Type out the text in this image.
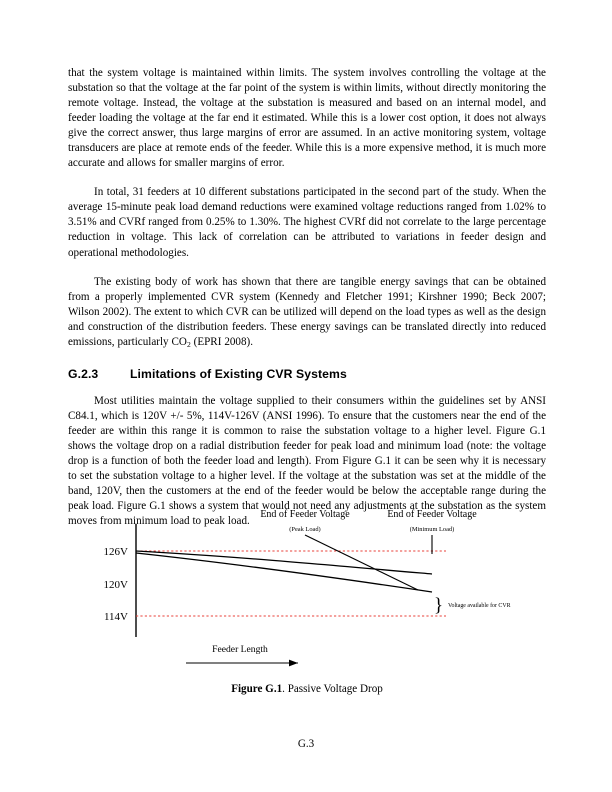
that the system voltage is maintained within limits. The system involves controlling the voltage at the substation so that the voltage at the far point of the system is within limits, without directly monitoring the remote voltage. Instead, the voltage at the substation is measured and based on an internal model, and feeder loading the voltage at the far end it estimated. While this is a lower cost option, it does not always give the correct answer, thus large margins of error are assumed. In an active monitoring system, voltage transducers are place at remote ends of the feeder. While this is a more expensive method, it is much more accurate and allows for smaller margins of error.

In total, 31 feeders at 10 different substations participated in the second part of the study. When the average 15-minute peak load demand reductions were examined voltage reductions ranged from 1.02% to 3.51% and CVRf ranged from 0.25% to 1.30%. The highest CVRf did not correlate to the large percentage reduction in voltage. This lack of correlation can be attributed to variations in feeder design and operational methodologies.

The existing body of work has shown that there are tangible energy savings that can be obtained from a properly implemented CVR system (Kennedy and Fletcher 1991; Kirshner 1990; Beck 2007; Wilson 2002). The extent to which CVR can be utilized will depend on the load types as well as the design and construction of the distribution feeders. These energy savings can be translated directly into reduced emissions, particularly $CO_2$ (EPRI 2008).

G.2.3	Limitations of Existing CVR Systems

Most utilities maintain the voltage supplied to their consumers within the guidelines set by ANSI C84.1, which is 120V +/- 5%, 114V-126V (ANSI 1996). To ensure that the customers near the end of the feeder are within this range it is common to raise the substation voltage to a higher level. Figure G.1 shows the voltage drop on a radial distribution feeder for peak load and minimum load (note: the voltage drop is a function of both the feeder load and length). From Figure G.1 it can be seen why it is necessary to set the substation voltage to a higher level. If the voltage at the substation was set at the middle of the band, 120V, then the customers at the end of the feeder would be below the acceptable range during the peak load. Figure G.1 shows a system that would not need any adjustments at the substation as the system moves from minimum load to peak load.

126V
120V
114V
End of Feeder Voltage
(Peak Load)
End of Feeder Voltage
(Minimum Load)
} Voltage available for CVR
Feeder Length
Figure G.1. Passive Voltage Drop
G.3
